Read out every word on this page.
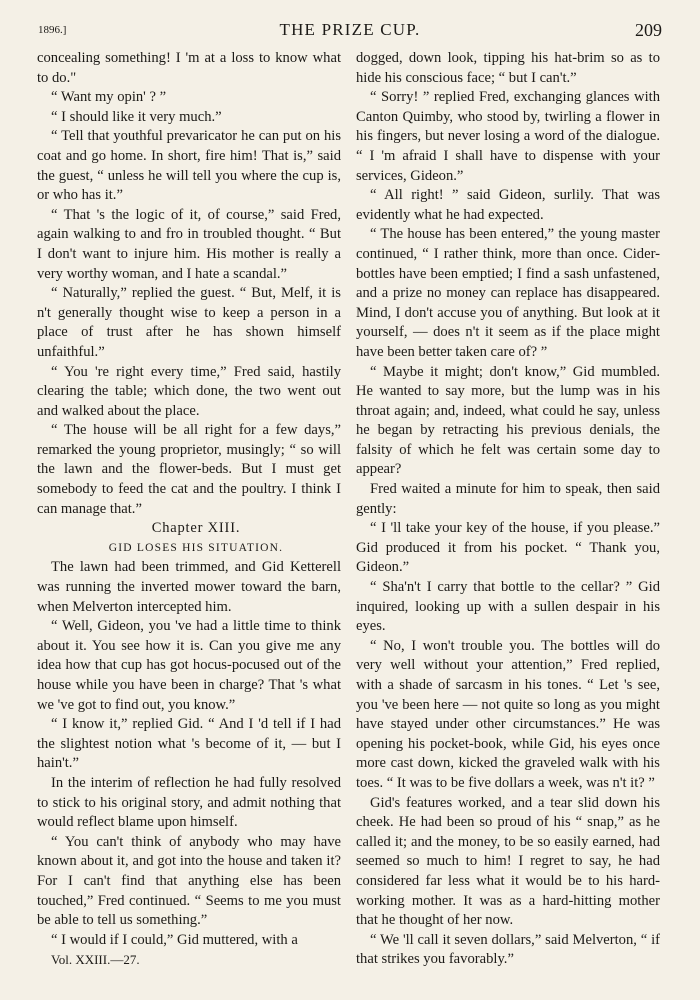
1896.]	THE PRIZE CUP.	209

concealing something! I 'm at a loss to know what to do."

“ Want my opin' ? ”

“ I should like it very much.”

“ Tell that youthful prevaricator he can put on his coat and go home. In short, fire him! That is,” said the guest, “ unless he will tell you where the cup is, or who has it.”

“ That 's the logic of it, of course,” said Fred, again walking to and fro in troubled thought. “ But I don't want to injure him. His mother is really a very worthy woman, and I hate a scandal.”

“ Naturally,” replied the guest. “ But, Melf, it is n't generally thought wise to keep a person in a place of trust after he has shown himself unfaithful.”

“ You 're right every time,” Fred said, hastily clearing the table; which done, the two went out and walked about the place.

“ The house will be all right for a few days,” remarked the young proprietor, musingly; “ so will the lawn and the flower-beds. But I must get somebody to feed the cat and the poultry. I think I can manage that.”

Chapter XIII.

GID LOSES HIS SITUATION.

The lawn had been trimmed, and Gid Ketterell was running the inverted mower toward the barn, when Melverton intercepted him.

“ Well, Gideon, you 've had a little time to think about it. You see how it is. Can you give me any idea how that cup has got hocus-pocused out of the house while you have been in charge? That 's what we 've got to find out, you know.”

“ I know it,” replied Gid. “ And I 'd tell if I had the slightest notion what 's become of it, — but I hain't.”

In the interim of reflection he had fully resolved to stick to his original story, and admit nothing that would reflect blame upon himself.

“ You can't think of anybody who may have known about it, and got into the house and taken it? For I can't find that anything else has been touched,” Fred continued. “ Seems to me you must be able to tell us something.”

“ I would if I could,” Gid muttered, with a

Vol. XXIII.—27.

dogged, down look, tipping his hat-brim so as to hide his conscious face; “ but I can't.”

“ Sorry! ” replied Fred, exchanging glances with Canton Quimby, who stood by, twirling a flower in his fingers, but never losing a word of the dialogue. “ I 'm afraid I shall have to dispense with your services, Gideon.”

“ All right! ” said Gideon, surlily. That was evidently what he had expected.

“ The house has been entered,” the young master continued, “ I rather think, more than once. Cider-bottles have been emptied; I find a sash unfastened, and a prize no money can replace has disappeared. Mind, I don't accuse you of anything. But look at it yourself, — does n't it seem as if the place might have been better taken care of? ”

“ Maybe it might; don't know,” Gid mumbled. He wanted to say more, but the lump was in his throat again; and, indeed, what could he say, unless he began by retracting his previous denials, the falsity of which he felt was certain some day to appear?

Fred waited a minute for him to speak, then said gently:

“ I 'll take your key of the house, if you please.” Gid produced it from his pocket. “ Thank you, Gideon.”

“ Sha'n't I carry that bottle to the cellar? ” Gid inquired, looking up with a sullen despair in his eyes.

“ No, I won't trouble you. The bottles will do very well without your attention,” Fred replied, with a shade of sarcasm in his tones. “ Let 's see, you 've been here — not quite so long as you might have stayed under other circumstances.” He was opening his pocket-book, while Gid, his eyes once more cast down, kicked the graveled walk with his toes. “ It was to be five dollars a week, was n't it? ”

Gid's features worked, and a tear slid down his cheek. He had been so proud of his “ snap,” as he called it; and the money, to be so easily earned, had seemed so much to him! I regret to say, he had considered far less what it would be to his hard-working mother. It was as a hard-hitting mother that he thought of her now.

“ We 'll call it seven dollars,” said Melverton, “ if that strikes you favorably.”
